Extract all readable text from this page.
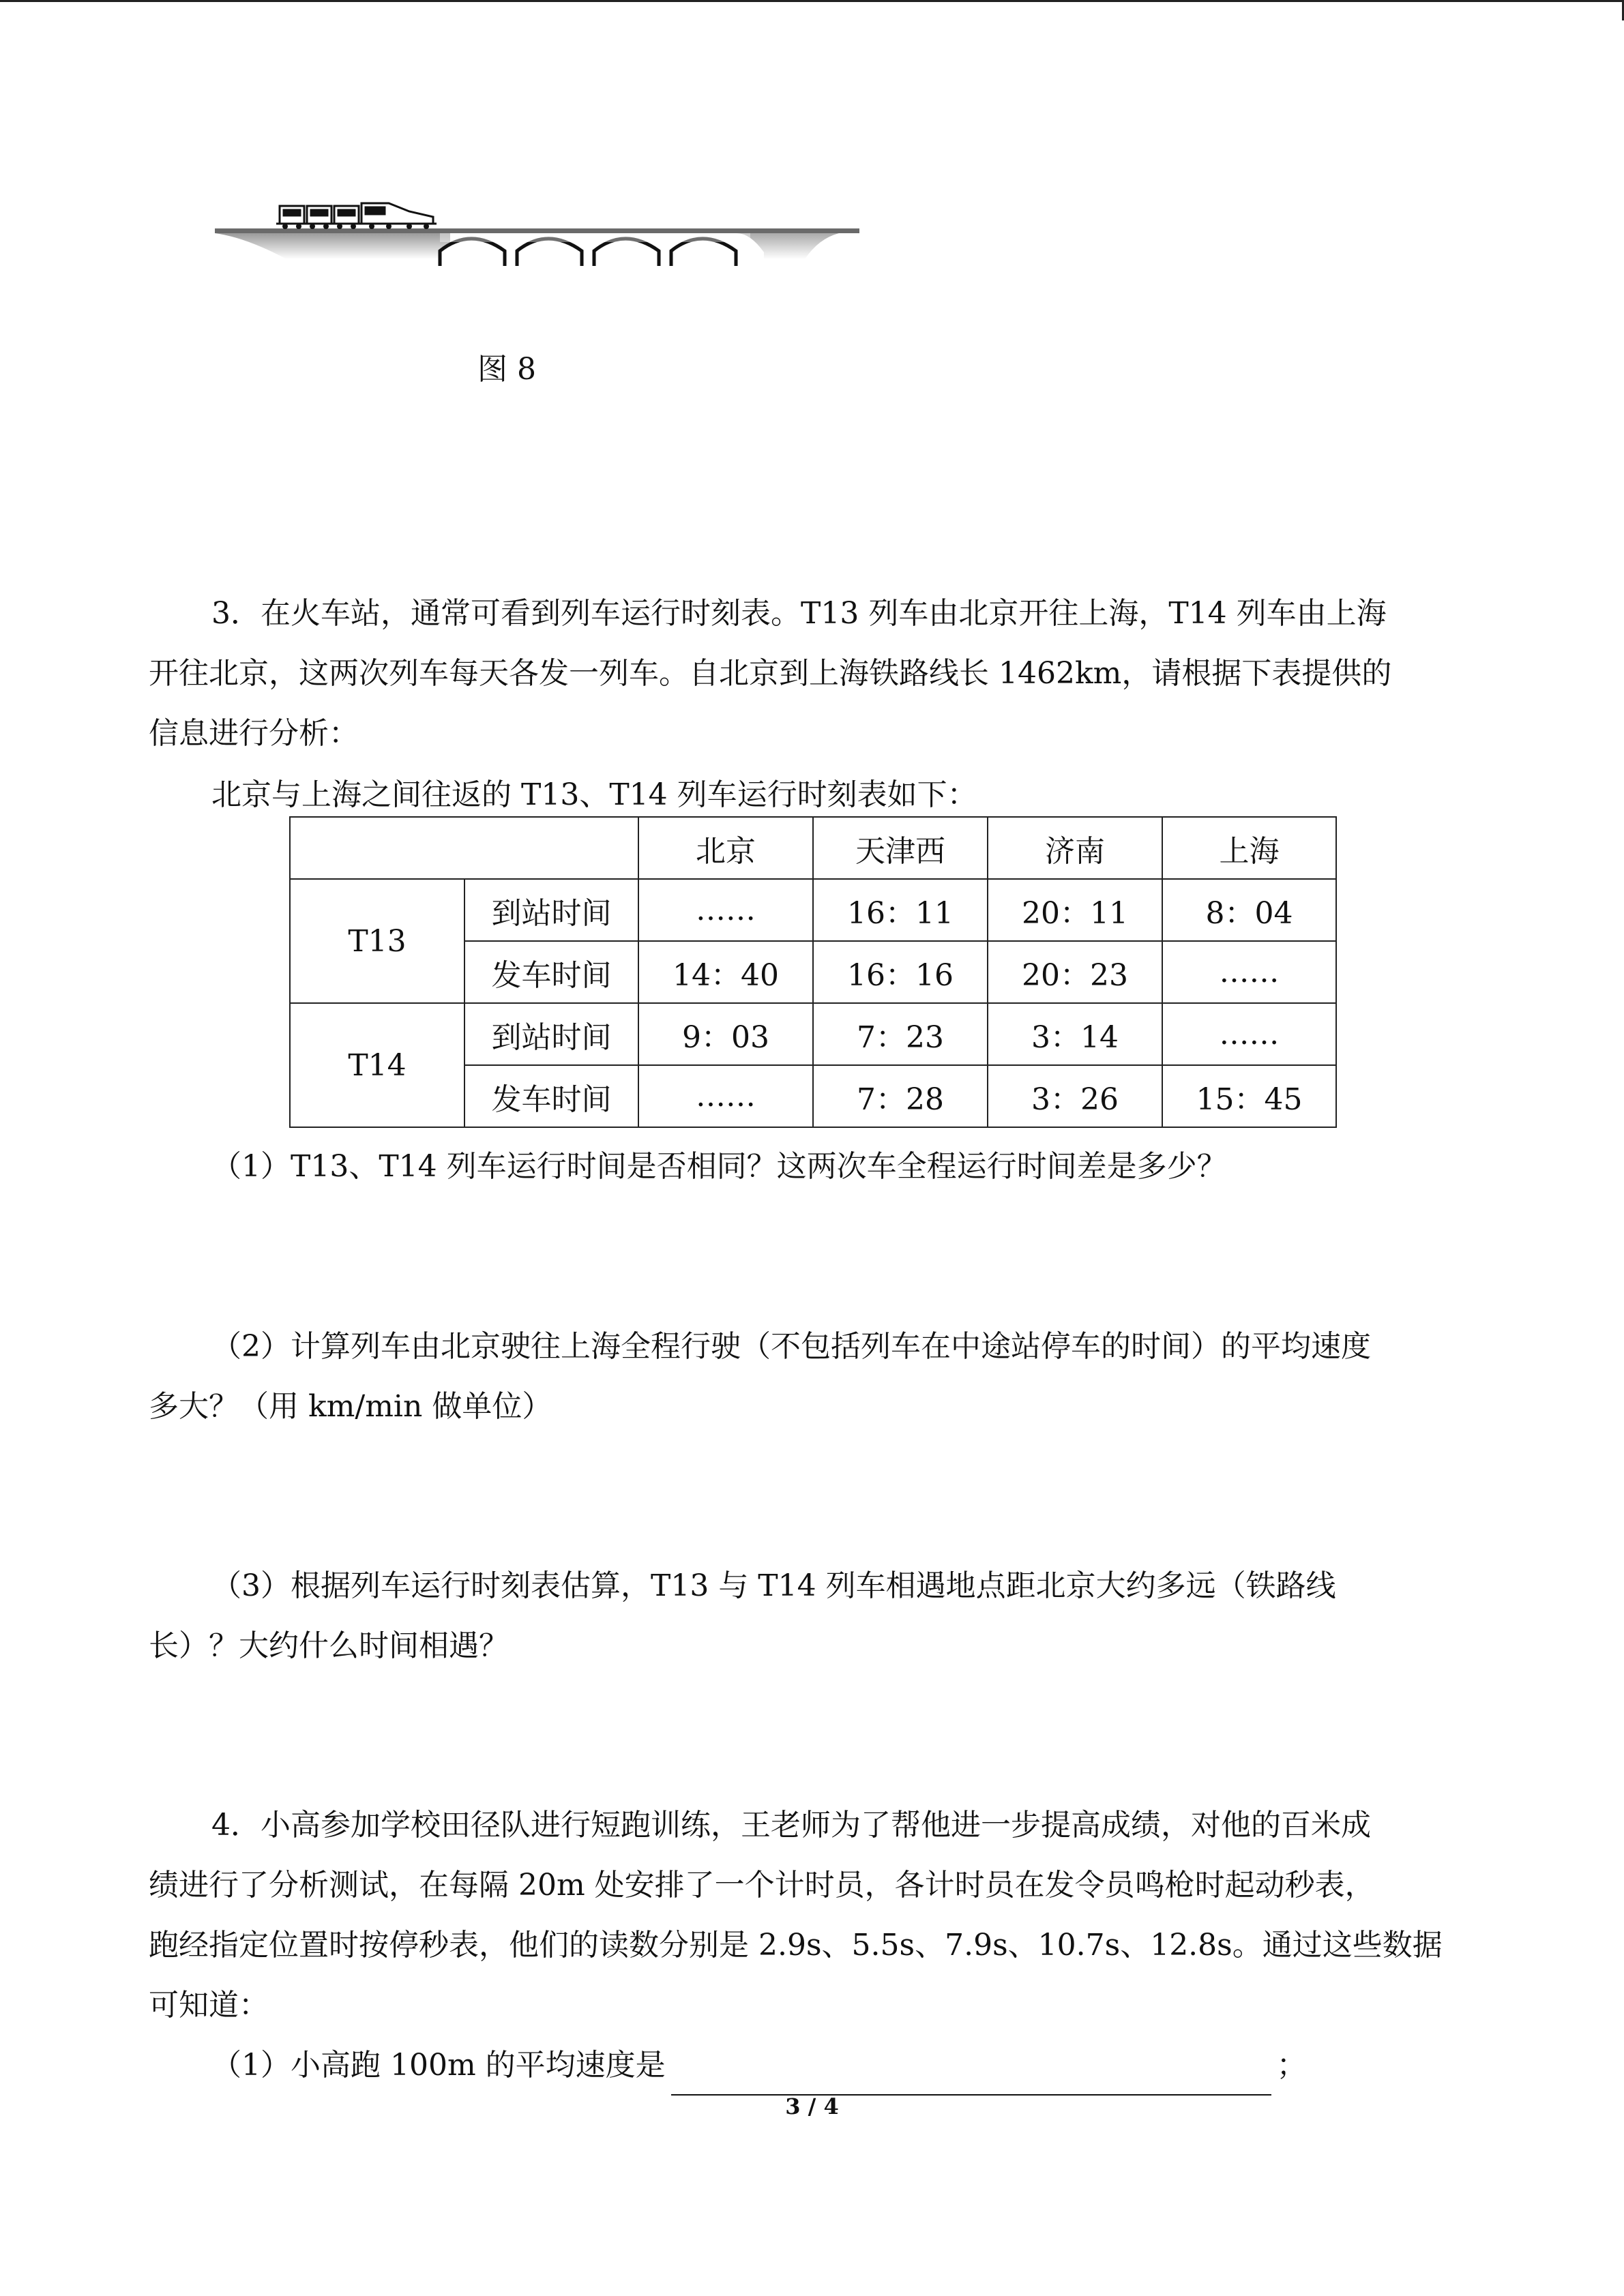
图 8
3．在火车站，通常可看到列车运行时刻表。T13 列车由北京开往上海，T14 列车由上海
开往北京，这两次列车每天各发一列车。自北京到上海铁路线长 1462km，请根据下表提供的
信息进行分析：
北京与上海之间往返的 T13、T14 列车运行时刻表如下：
		北京	天津西	济南	上海
T13	到站时间	……	16：11	20：11	8：04
	发车时间	14：40	16：16	20：23	……
T14	到站时间	9：03	7：23	3：14	……
	发车时间	……	7：28	3：26	15：45
（1）T13、T14 列车运行时间是否相同？这两次车全程运行时间差是多少？
（2）计算列车由北京驶往上海全程行驶（不包括列车在中途站停车的时间）的平均速度
多大？（用 km/min 做单位）
（3）根据列车运行时刻表估算，T13 与 T14 列车相遇地点距北京大约多远（铁路线
长）？大约什么时间相遇？
4．小高参加学校田径队进行短跑训练，王老师为了帮他进一步提高成绩，对他的百米成
绩进行了分析测试，在每隔 20m 处安排了一个计时员，各计时员在发令员鸣枪时起动秒表，
跑经指定位置时按停秒表，他们的读数分别是 2.9s、5.5s、7.9s、10.7s、12.8s。通过这些数据
可知道：
（1）小高跑 100m 的平均速度是	；
3 / 4
